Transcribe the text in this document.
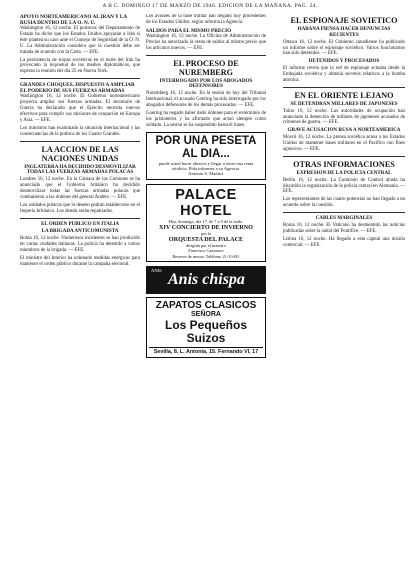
A B C. DOMINGO 17 DE MARZO DE 1946. EDICION DE LA MAÑANA. PAG. 24.
APOYO NORTEAMERICANO AL IRAN Y LA RUSIA DENTRO DE LA O. N. U.
Washington 16, 12 noche. El portavoz del Departamento de Estado ha dicho que los Estados Unidos apoyarán a Irán si éste plantea su caso ante el Consejo de Seguridad de la O. N. U. La Administración considera que la cuestión debe ser tratada de acuerdo con la Carta. — EFE.
La persistencia de tropas soviéticas en el norte del Irán ha provocado la inquietud de los medios diplomáticos, que esperan la reunión del día 25 en Nueva York.
GRANDES CHOQUES, DISPUESTO A AMPLIAR EL PODERIO DE SUS FUERZAS ARMADAS
Washington 16, 12 noche. El Gobierno norteamericano proyecta ampliar sus fuerzas armadas. El secretario de Guerra ha declarado que el Ejército necesita nuevos efectivos para cumplir sus misiones de ocupación en Europa y Asia. — EFE.
Los ministros han examinado la situación internacional y las consecuencias de la política de los Cuatro Grandes.
LA ACCION DE LAS NACIONES UNIDAS
INGLATERRA HA DECIDIDO DESMOVILIZAR TODAS LAS FUERZAS ARMADAS POLACAS
Londres 16, 12 noche. En la Cámara de los Comunes se ha anunciado que el Gobierno británico ha decidido desmovilizar todas las fuerzas armadas polacas que combatieron a las órdenes del general Anders. — EFE.
Los soldados polacos que lo deseen podrán establecerse en el Imperio británico. Los demás serán repatriados.
EL ORDEN PUBLICO EN ITALIA
LA BRIGADA ANTICOMUNISTA
Roma 16, 12 noche. Numerosos incidentes se han producido en varias ciudades italianas. La policía ha detenido a varios miembros de la brigada. — EFE.
El ministro del Interior ha ordenado medidas enérgicas para mantener el orden público durante la campaña electoral.
Los aviones de la base militar han llegado hoy procedentes de los Estados Unidos, según informa la Agencia.
SALDOS PARA EL MISMO PRECIO
Washington 16, 12 noche. La Oficina de Administración de Precios ha autorizado la venta de saldos al mismo precio que los artículos nuevos. — EFE.
EL PROCESO DE NUREMBERG
INTERROGADO POR LOS ABOGADOS DEFENSORES
Nuremberg 16, 12 noche. En la sesión de hoy del Tribunal Internacional, el acusado Goering ha sido interrogado por los abogados defensores de los demás procesados. — EFE.
Goering ha negado haber dado órdenes para el exterminio de los prisioneros y ha afirmado que actuó siempre como soldado. La sesión se ha suspendido hasta el lunes.
POR UNA PESETA AL DIA...
puede usted hacer ahorros y llegar a tener una renta vitalicia. Pida informes a su Agencia.
Antonio S. Madrid.
PALACE HOTEL
Hoy, domingo, día 17, de 7 a 9 de la tarde,
XIV CONCIERTO DE INVIERNO
por la
ORQUESTA DEL PALACE
dirigida por el maestro
Francisco Camarero
Reserva de mesas: Teléfono 21-33-00.
ANIS
Anis chispa
ZAPATOS CLASICOS
SEÑORA
Los Pequeños Suizos
Sevilla, 8. L. Antonia, 15. Fernando VI, 17
EL ESPIONAJE SOVIETICO
HABANA PIENSA HACER DENUNCIAS RECIENTES
Ottawa 16, 12 noche. El Gobierno canadiense ha publicado un informe sobre el espionaje soviético. Varios funcionarios han sido detenidos. — EFE.
DETENIDOS Y PROCESADOS
El informe revela que la red de espionaje actuaba desde la Embajada soviética y obtenía secretos relativos a la bomba atómica.
EN EL ORIENTE LEJANO
SE DETENDRAN MILLARES DE JAPONESES
Tokio 16, 12 noche. Las autoridades de ocupación han anunciado la detención de millares de japoneses acusados de crímenes de guerra. — EFE.
GRAVE ACUSACION RUSA A NORTEAMERICA
Moscú 16, 12 noche. La prensa soviética acusa a los Estados Unidos de mantener bases militares en el Pacífico con fines agresivos. — EFE.
OTRAS INFORMACIONES
EXPRESION DE LA POLICIA CENTRAL
Berlín 16, 12 noche. La Comisión de Control aliada ha discutido la organización de la policía central en Alemania. — EFE.
Los representantes de las cuatro potencias no han llegado a un acuerdo sobre la cuestión.
CABLES MARGINALES
Roma 16, 12 noche. El Vaticano ha desmentido las noticias publicadas sobre la salud del Pontífice. — EFE.
Lisboa 16, 12 noche. Ha llegado a esta capital una misión comercial. — EFE.
